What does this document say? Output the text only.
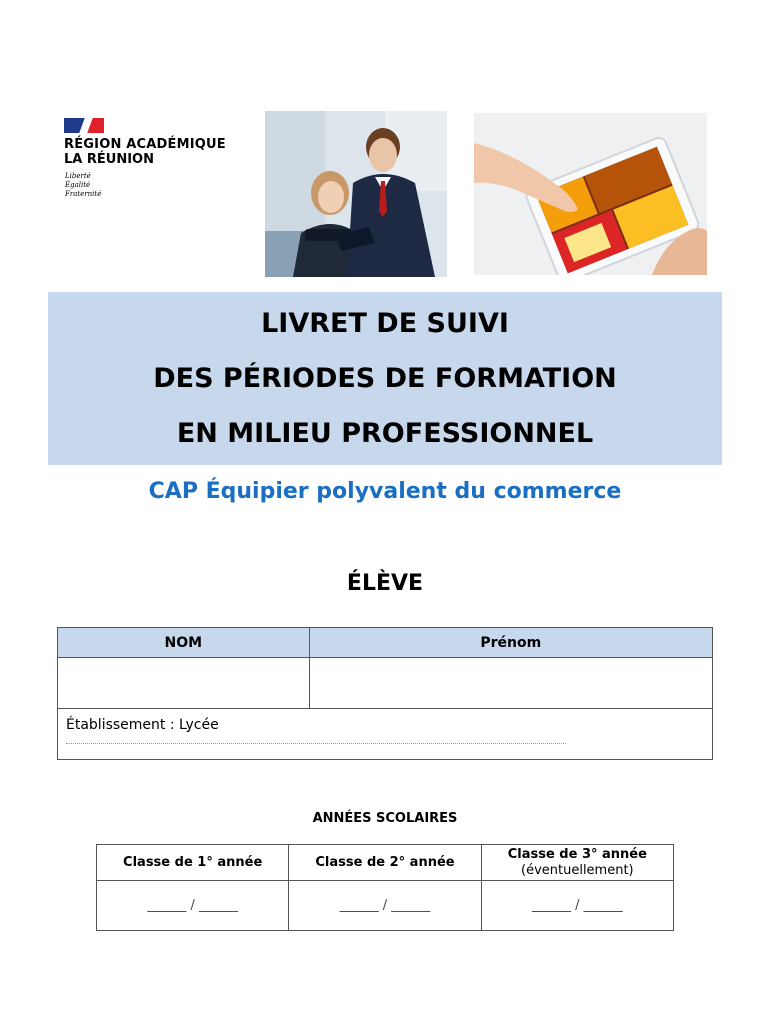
RÉGION ACADÉMIQUE
LA RÉUNION
Liberté
Égalité
Fraternité
LIVRET DE SUIVI
DES PÉRIODES DE FORMATION
EN MILIEU PROFESSIONNEL
CAP Équipier polyvalent du commerce
ÉLÈVE
NOM	Prénom

Établissement : Lycée	
ANNÉES SCOLAIRES
Classe de 1° année	Classe de 2° année	Classe de 3° année
(éventuellement)

______ / ______	______ / ______	______ / ______
